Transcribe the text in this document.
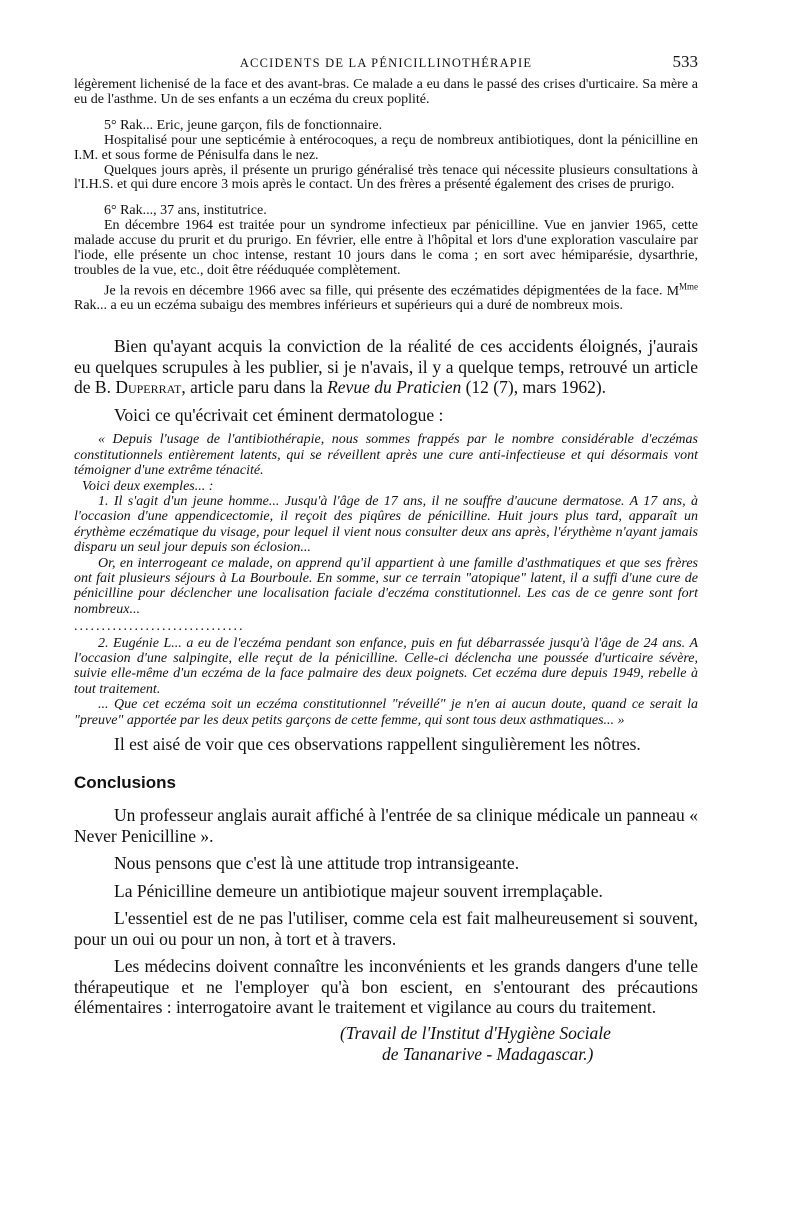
ACCIDENTS DE LA PÉNICILLINOTHÉRAPIE	533

légèrement lichenisé de la face et des avant-bras. Ce malade a eu dans le passé des crises d'urticaire. Sa mère a eu de l'asthme. Un de ses enfants a un eczéma du creux poplité.

5° Rak... Eric, jeune garçon, fils de fonctionnaire.

Hospitalisé pour une septicémie à entérocoques, a reçu de nombreux antibiotiques, dont la pénicilline en I.M. et sous forme de Pénisulfa dans le nez.

Quelques jours après, il présente un prurigo généralisé très tenace qui nécessite plusieurs consultations à l'I.H.S. et qui dure encore 3 mois après le contact. Un des frères a présenté également des crises de prurigo.

6° Rak..., 37 ans, institutrice.

En décembre 1964 est traitée pour un syndrome infectieux par pénicilline. Vue en janvier 1965, cette malade accuse du prurit et du prurigo. En février, elle entre à l'hôpital et lors d'une exploration vasculaire par l'iode, elle présente un choc intense, restant 10 jours dans le coma ; en sort avec hémiparésie, dysarthrie, troubles de la vue, etc., doit être rééduquée complètement.

Je la revois en décembre 1966 avec sa fille, qui présente des eczématides dépigmentées de la face. $M^{Mme}$ Rak... a eu un eczéma subaigu des membres inférieurs et supérieurs qui a duré de nombreux mois.

Bien qu'ayant acquis la conviction de la réalité de ces accidents éloignés, j'aurais eu quelques scrupules à les publier, si je n'avais, il y a quelque temps, retrouvé un article de B. Duperrat, article paru dans la Revue du Praticien (12 (7), mars 1962).

Voici ce qu'écrivait cet éminent dermatologue :

« Depuis l'usage de l'antibiothérapie, nous sommes frappés par le nombre considérable d'eczémas constitutionnels entièrement latents, qui se réveillent après une cure anti-infectieuse et qui désormais vont témoigner d'une extrême ténacité.

Voici deux exemples... :

1. Il s'agit d'un jeune homme... Jusqu'à l'âge de 17 ans, il ne souffre d'aucune dermatose. A 17 ans, à l'occasion d'une appendicectomie, il reçoit des piqûres de pénicilline. Huit jours plus tard, apparaît un érythème eczématique du visage, pour lequel il vient nous consulter deux ans après, l'érythème n'ayant jamais disparu un seul jour depuis son éclosion...

Or, en interrogeant ce malade, on apprend qu'il appartient à une famille d'asthmatiques et que ses frères ont fait plusieurs séjours à La Bourboule. En somme, sur ce terrain "atopique" latent, il a suffi d'une cure de pénicilline pour déclencher une localisation faciale d'eczéma constitutionnel. Les cas de ce genre sont fort nombreux...

...............................

2. Eugénie L... a eu de l'eczéma pendant son enfance, puis en fut débarrassée jusqu'à l'âge de 24 ans. A l'occasion d'une salpingite, elle reçut de la pénicilline. Celle-ci déclencha une poussée d'urticaire sévère, suivie elle-même d'un eczéma de la face palmaire des deux poignets. Cet eczéma dure depuis 1949, rebelle à tout traitement.

... Que cet eczéma soit un eczéma constitutionnel "réveillé" je n'en ai aucun doute, quand ce serait la "preuve" apportée par les deux petits garçons de cette femme, qui sont tous deux asthmatiques... »

Il est aisé de voir que ces observations rappellent singulièrement les nôtres.

Conclusions

Un professeur anglais aurait affiché à l'entrée de sa clinique médicale un panneau « Never Penicilline ».

Nous pensons que c'est là une attitude trop intransigeante.

La Pénicilline demeure un antibiotique majeur souvent irremplaçable.

L'essentiel est de ne pas l'utiliser, comme cela est fait malheureusement si souvent, pour un oui ou pour un non, à tort et à travers.

Les médecins doivent connaître les inconvénients et les grands dangers d'une telle thérapeutique et ne l'employer qu'à bon escient, en s'entourant des précautions élémentaires : interrogatoire avant le traitement et vigilance au cours du traitement.

(Travail de l'Institut d'Hygiène Sociale
de Tananarive - Madagascar.)
